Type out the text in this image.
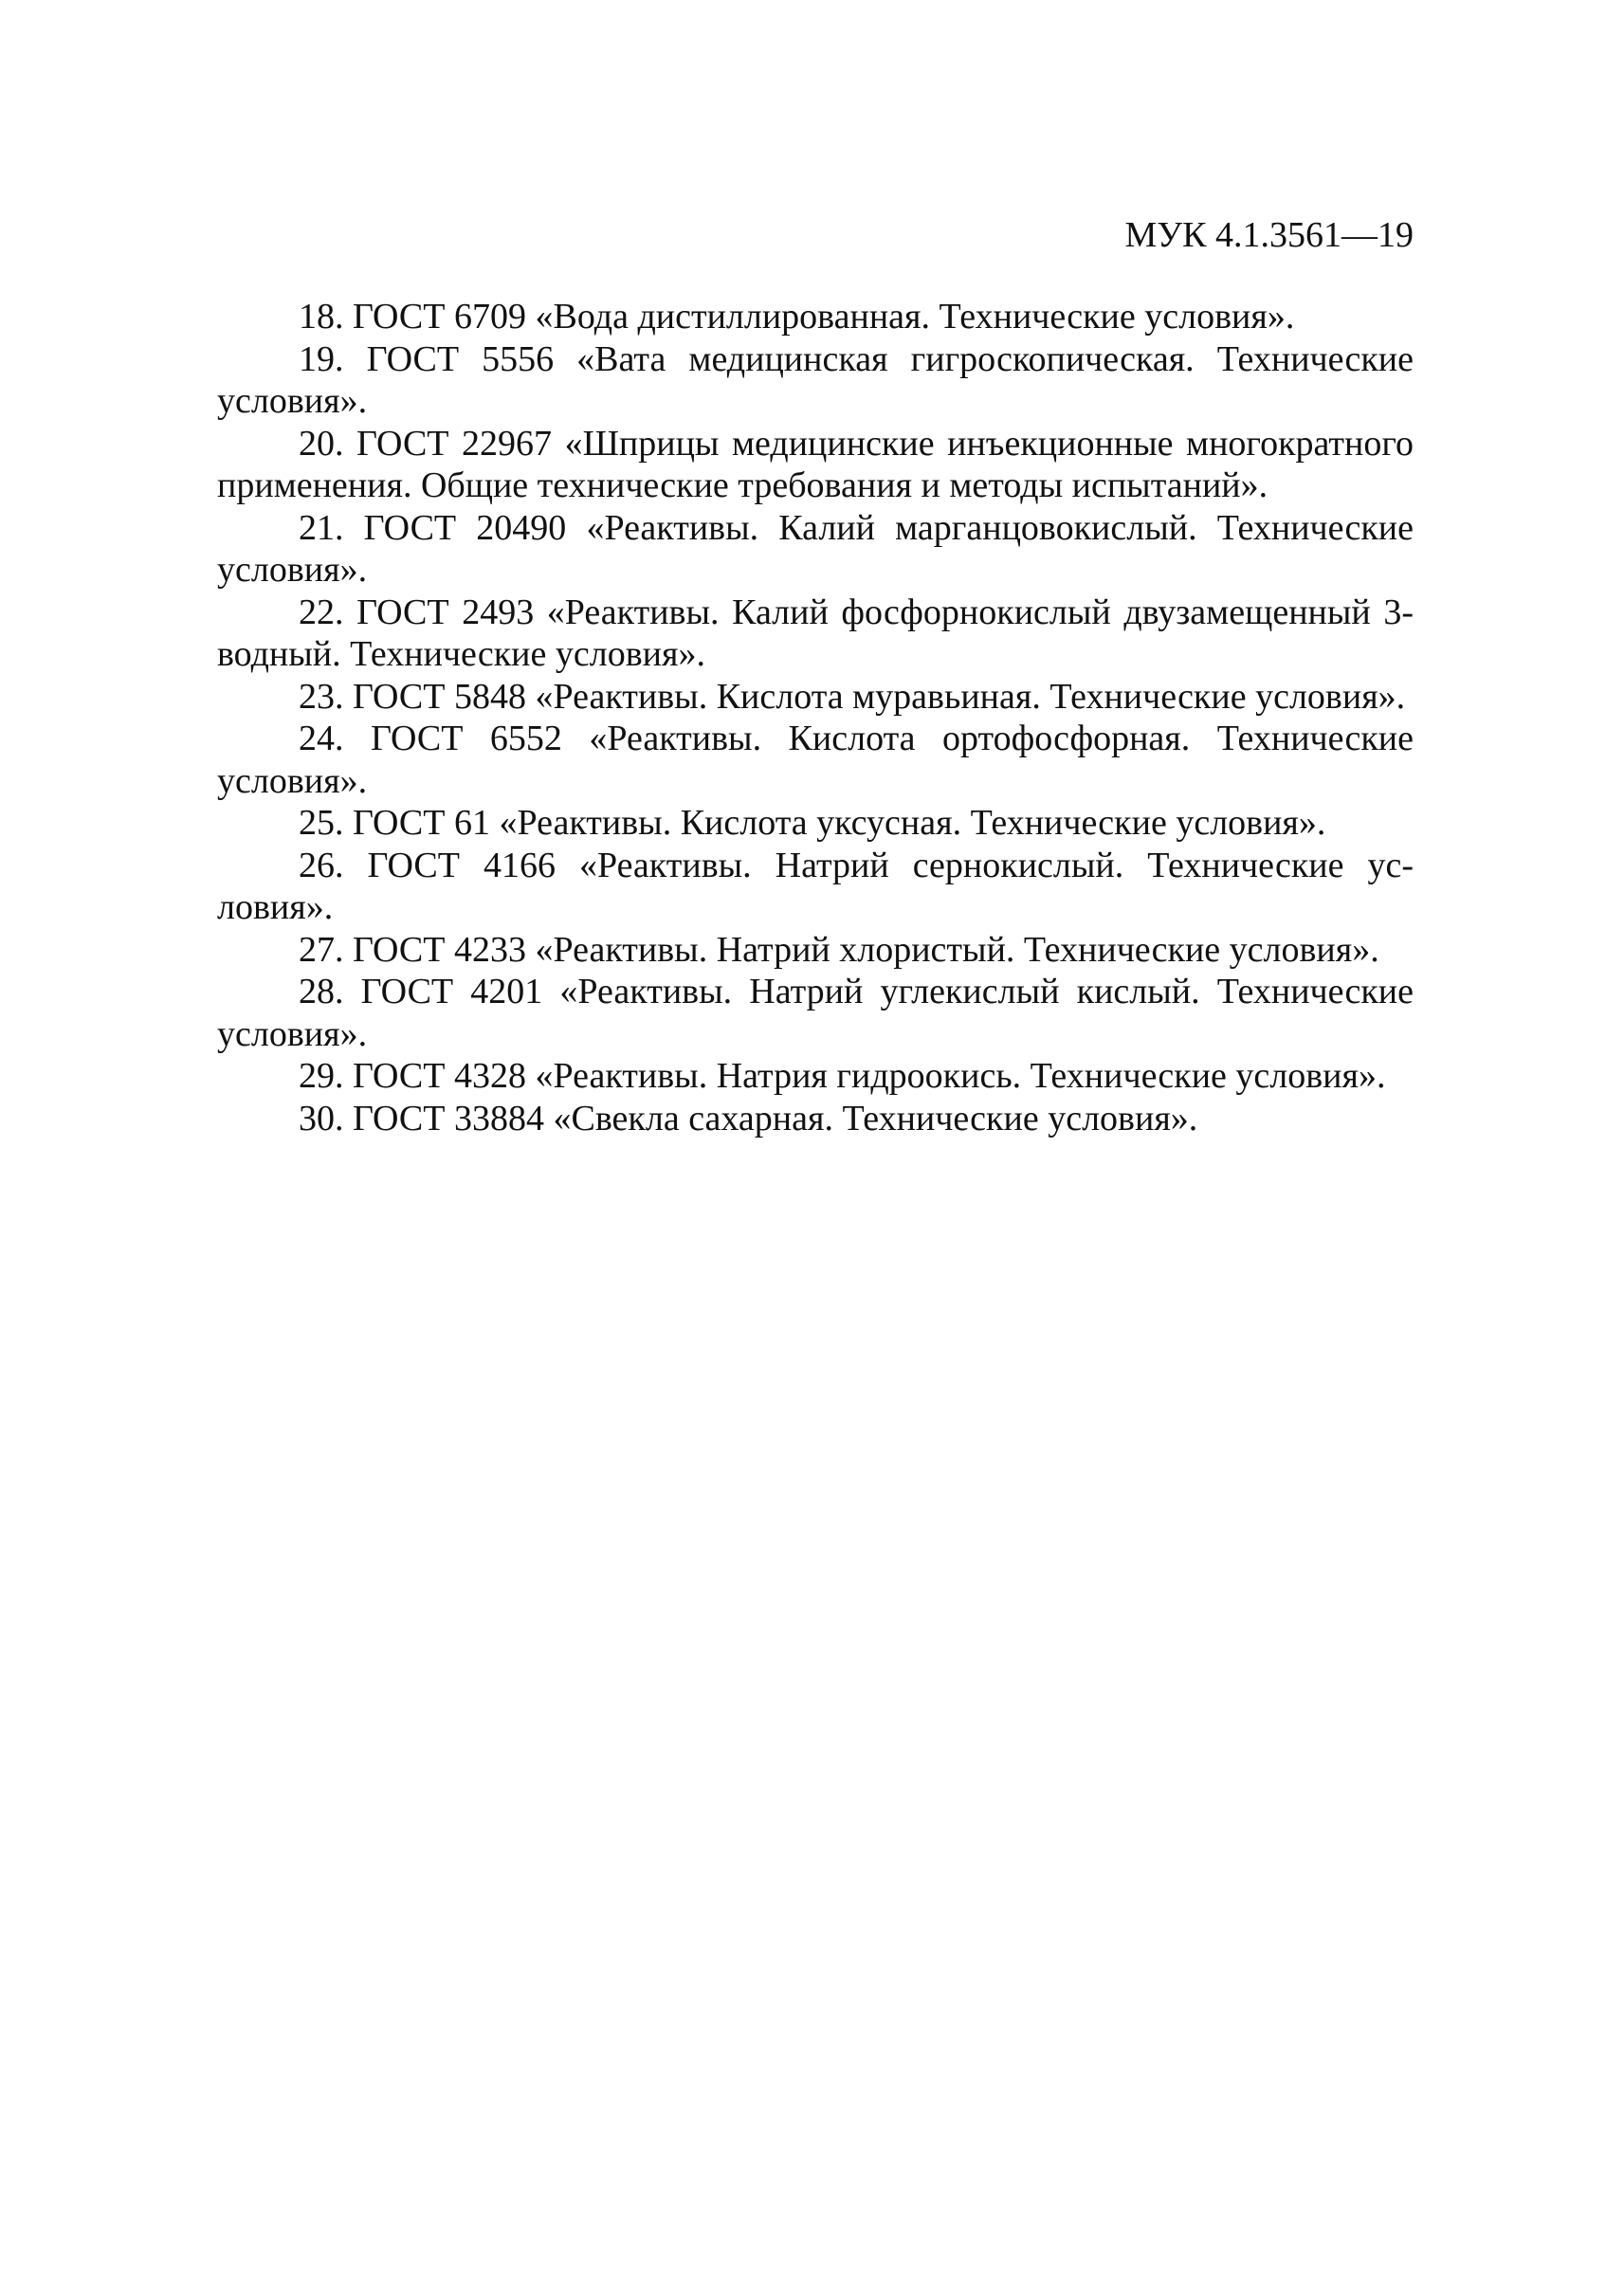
МУК 4.1.3561—19

18. ГОСТ 6709 «Вода дистиллированная. Технические условия».

19. ГОСТ 5556 «Вата медицинская гигроскопическая. Технические условия».

20. ГОСТ 22967 «Шприцы медицинские инъекционные многократного применения. Общие технические требования и методы испытаний».

21. ГОСТ 20490 «Реактивы. Калий марганцовокислый. Технические условия».

22. ГОСТ 2493 «Реактивы. Калий фосфорнокислый двузамещенный 3-водный. Технические условия».

23. ГОСТ 5848 «Реактивы. Кислота муравьиная. Технические условия».

24. ГОСТ 6552 «Реактивы. Кислота ортофосфорная. Технические условия».

25. ГОСТ 61 «Реактивы. Кислота уксусная. Технические условия».

26. ГОСТ 4166 «Реактивы. Натрий сернокислый. Технические условия».

27. ГОСТ 4233 «Реактивы. Натрий хлористый. Технические условия».

28. ГОСТ 4201 «Реактивы. Натрий углекислый кислый. Технические условия».

29. ГОСТ 4328 «Реактивы. Натрия гидроокись. Технические условия».

30. ГОСТ 33884 «Свекла сахарная. Технические условия».
